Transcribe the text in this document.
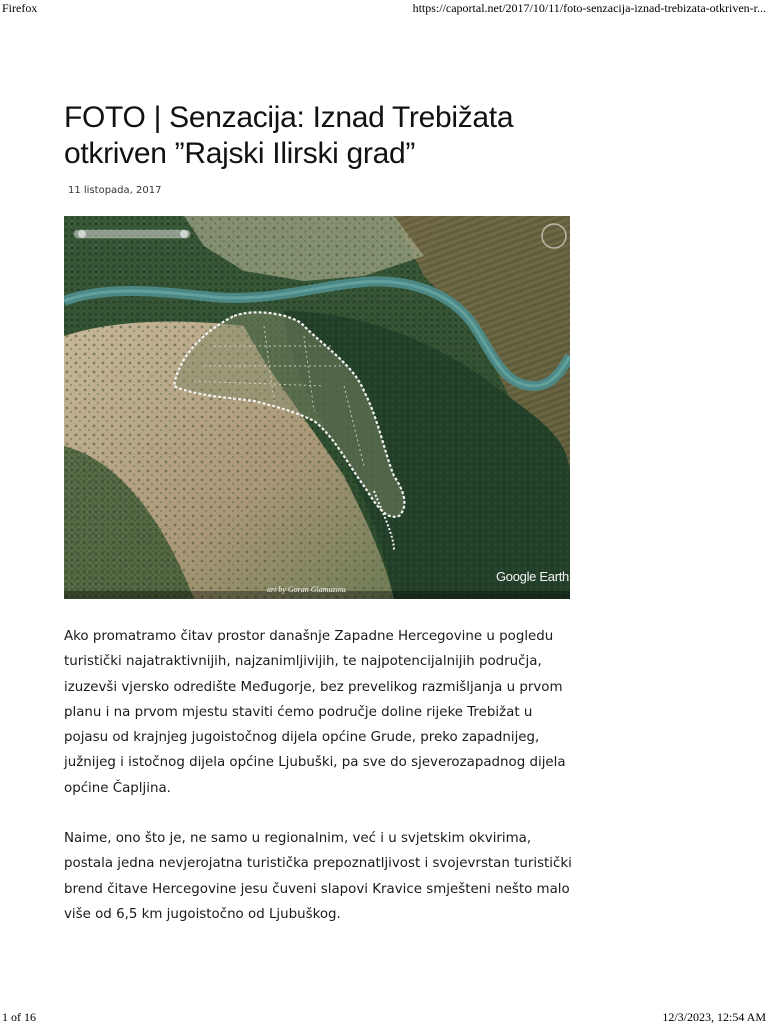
Firefox	https://caportal.net/2017/10/11/foto-senzacija-iznad-trebizata-otkriven-r...
FOTO | Senzacija: Iznad Trebižata otkriven ”Rajski Ilirski grad”
11 listopada, 2017
art by Goran Glamuzina
Google Earth

Ako promatramo čitav prostor današnje Zapadne Hercegovine u pogledu turistički najatraktivnijih, najzanimljivijih, te najpotencijalnijih područja, izuzevši vjersko odredište Međugorje, bez prevelikog razmišljanja u prvom planu i na prvom mjestu staviti ćemo područje doline rijeke Trebižat u pojasu od krajnjeg jugoistočnog dijela općine Grude, preko zapadnijeg, južnijeg i istočnog dijela općine Ljubuški, pa sve do sjeverozapadnog dijela općine Čapljina.

Naime, ono što je, ne samo u regionalnim, već i u svjetskim okvirima, postala jedna nevjerojatna turistička prepoznatljivost i svojevrstan turistički brend čitave Hercegovine jesu čuveni slapovi Kravice smješteni nešto malo više od 6,5 km jugoistočno od Ljubuškog.

1 of 16	12/3/2023, 12:54 AM
